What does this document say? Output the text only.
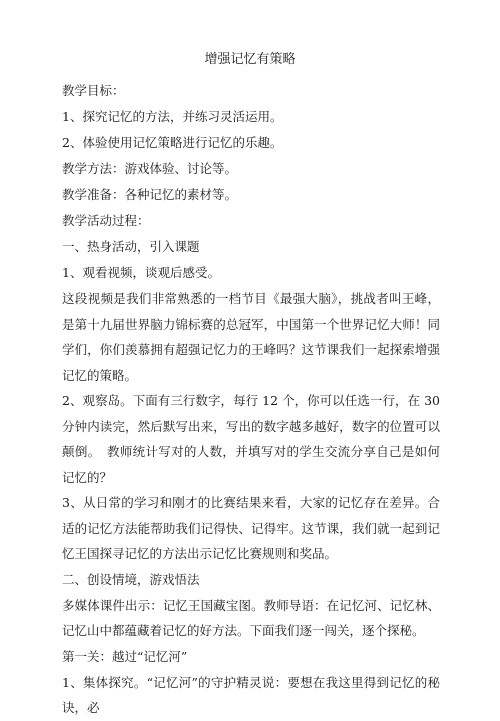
增强记忆有策略

教学目标：

1、探究记忆的方法，并练习灵活运用。

2、体验使用记忆策略进行记忆的乐趣。

教学方法：游戏体验、讨论等。

教学准备：各种记忆的素材等。

教学活动过程：

一、热身活动，引入课题

1、观看视频，谈观后感受。

这段视频是我们非常熟悉的一档节目《最强大脑》，挑战者叫王峰，是第十九届世界脑力锦标赛的总冠军，中国第一个世界记忆大师！同学们，你们羡慕拥有超强记忆力的王峰吗？这节课我们一起探索增强记忆的策略。

2、观察岛。下面有三行数字，每行 12 个，你可以任选一行，在 30 分钟内读完，然后默写出来，写出的数字越多越好，数字的位置可以颠倒。　教师统计写对的人数，并填写对的学生交流分享自己是如何记忆的？

3、从日常的学习和刚才的比赛结果来看，大家的记忆存在差异。合适的记忆方法能帮助我们记得快、记得牢。这节课，我们就一起到记忆王国探寻记忆的方法出示记忆比赛规则和奖品。

二、创设情境，游戏悟法

多媒体课件出示：记忆王国藏宝图。教师导语：在记忆河、记忆林、记忆山中都蕴藏着记忆的好方法。下面我们逐一闯关，逐个探秘。

第一关：越过“记忆河”

1、集体探究。“记忆河”的守护精灵说：要想在我这里得到记忆的秘诀，必
